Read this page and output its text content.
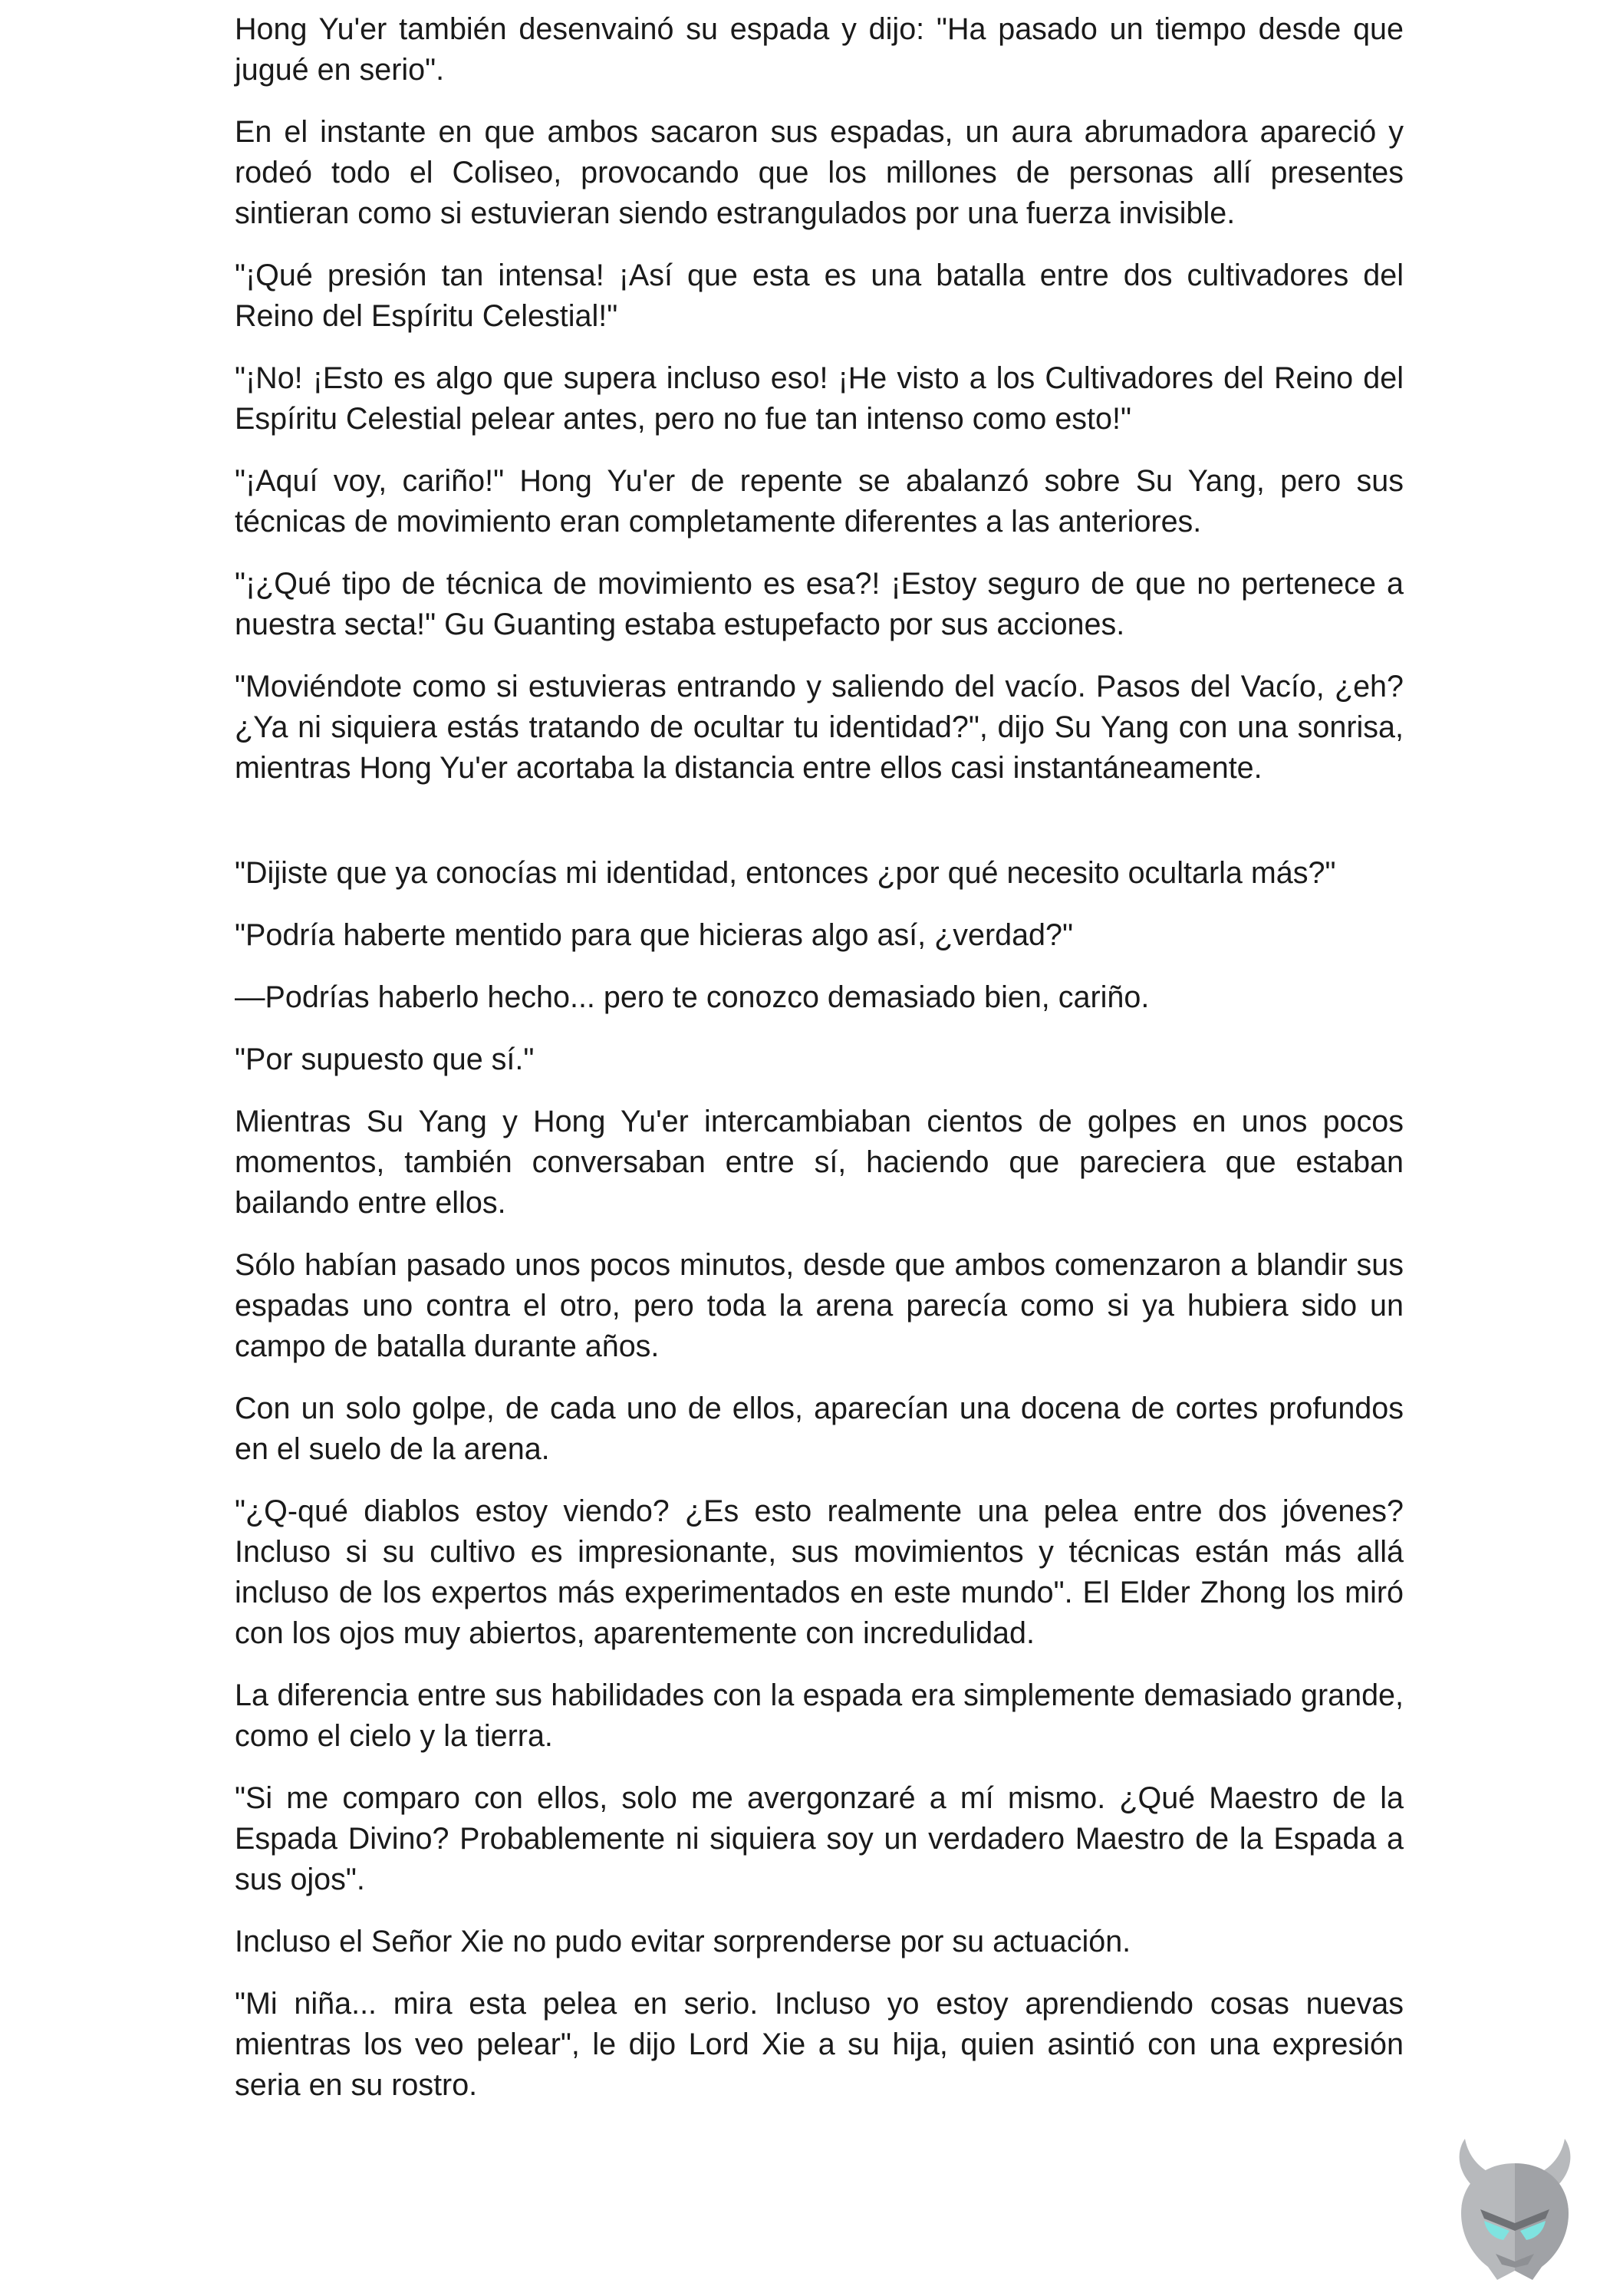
Hong Yu'er también desenvainó su espada y dijo: "Ha pasado un tiempo desde que jugué en serio".

En el instante en que ambos sacaron sus espadas, un aura abrumadora apareció y rodeó todo el Coliseo, provocando que los millones de personas allí presentes sintieran como si estuvieran siendo estrangulados por una fuerza invisible.

"¡Qué presión tan intensa! ¡Así que esta es una batalla entre dos cultivadores del Reino del Espíritu Celestial!"

"¡No! ¡Esto es algo que supera incluso eso! ¡He visto a los Cultivadores del Reino del Espíritu Celestial pelear antes, pero no fue tan intenso como esto!"

"¡Aquí voy, cariño!" Hong Yu'er de repente se abalanzó sobre Su Yang, pero sus técnicas de movimiento eran completamente diferentes a las anteriores.

"¡¿Qué tipo de técnica de movimiento es esa?! ¡Estoy seguro de que no pertenece a nuestra secta!" Gu Guanting estaba estupefacto por sus acciones.

"Moviéndote como si estuvieras entrando y saliendo del vacío. Pasos del Vacío, ¿eh? ¿Ya ni siquiera estás tratando de ocultar tu identidad?", dijo Su Yang con una sonrisa, mientras Hong Yu'er acortaba la distancia entre ellos casi instantáneamente.

"Dijiste que ya conocías mi identidad, entonces ¿por qué necesito ocultarla más?"

"Podría haberte mentido para que hicieras algo así, ¿verdad?"

—Podrías haberlo hecho... pero te conozco demasiado bien, cariño.

"Por supuesto que sí."

Mientras Su Yang y Hong Yu'er intercambiaban cientos de golpes en unos pocos momentos, también conversaban entre sí, haciendo que pareciera que estaban bailando entre ellos.

Sólo habían pasado unos pocos minutos, desde que ambos comenzaron a blandir sus espadas uno contra el otro, pero toda la arena parecía como si ya hubiera sido un campo de batalla durante años.

Con un solo golpe, de cada uno de ellos, aparecían una docena de cortes profundos en el suelo de la arena.

"¿Q-qué diablos estoy viendo? ¿Es esto realmente una pelea entre dos jóvenes? Incluso si su cultivo es impresionante, sus movimientos y técnicas están más allá incluso de los expertos más experimentados en este mundo". El Elder Zhong los miró con los ojos muy abiertos, aparentemente con incredulidad.

La diferencia entre sus habilidades con la espada era simplemente demasiado grande, como el cielo y la tierra.

"Si me comparo con ellos, solo me avergonzaré a mí mismo. ¿Qué Maestro de la Espada Divino? Probablemente ni siquiera soy un verdadero Maestro de la Espada a sus ojos".

Incluso el Señor Xie no pudo evitar sorprenderse por su actuación.

"Mi niña... mira esta pelea en serio. Incluso yo estoy aprendiendo cosas nuevas mientras los veo pelear", le dijo Lord Xie a su hija, quien asintió con una expresión seria en su rostro.
